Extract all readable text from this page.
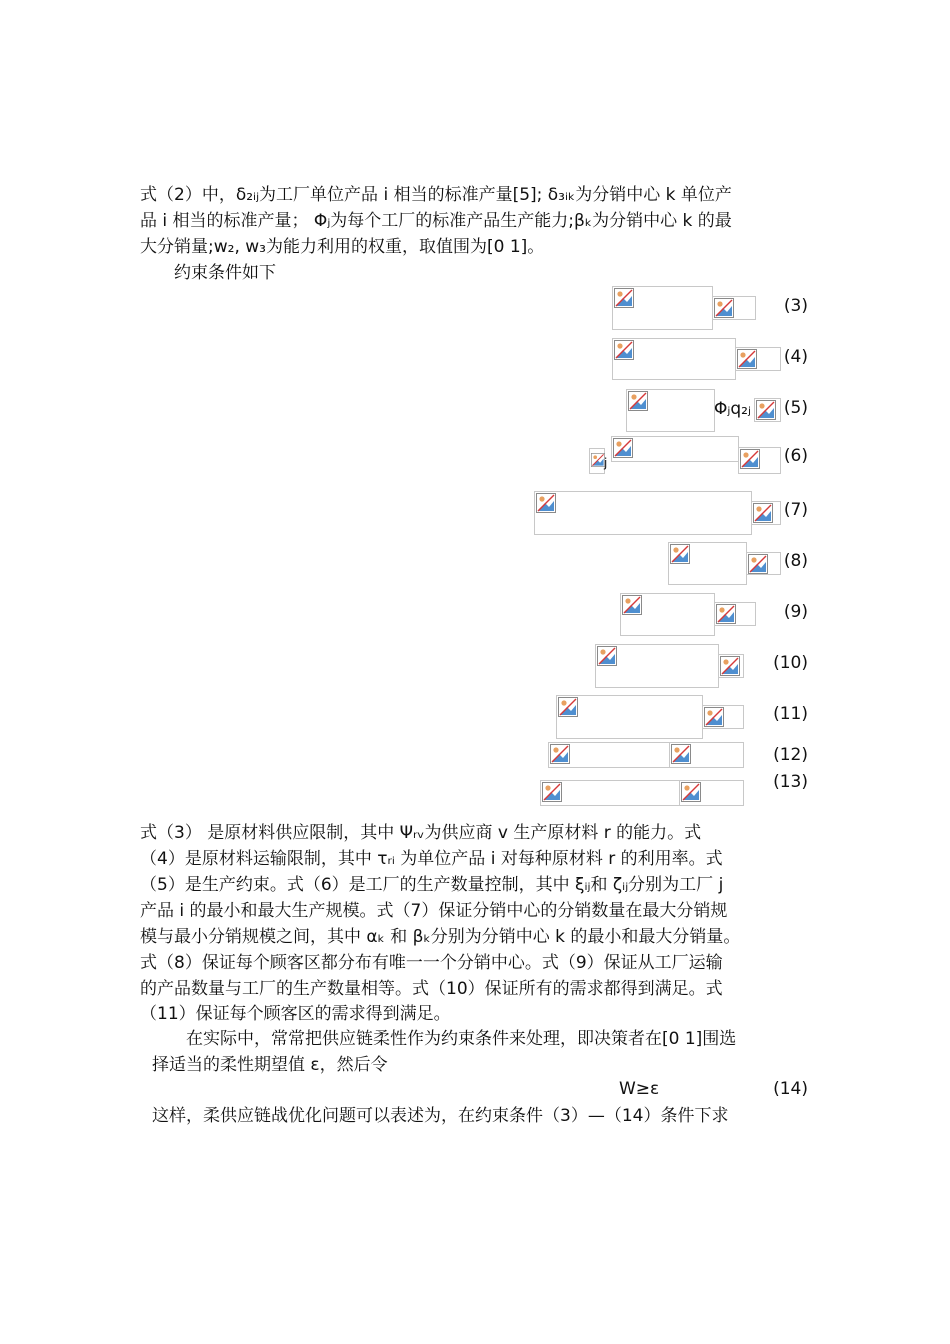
式（2）中，δ₂ᵢⱼ为工厂单位产品 i 相当的标准产量[5]; δ₃ᵢₖ为分销中心 k 单位产
品 i 相当的标准产量； Φⱼ为每个工厂的标准产品生产能力;βₖ为分销中心 k 的最
大分销量;w₂, w₃为能力利用的权重，取值围为[0 1]。
约束条件如下
(3)
(4)
Φⱼq₂ⱼ	(5)
j	(6)
(7)
(8)
(9)
(10)
(11)
(12)
(13)
式（3） 是原材料供应限制，其中 Ψᵣᵥ为供应商 v 生产原材料 r 的能力。式
（4）是原材料运输限制，其中 τᵣᵢ 为单位产品 i 对每种原材料 r 的利用率。式
（5）是生产约束。式（6）是工厂的生产数量控制，其中 ξᵢⱼ和 ζᵢⱼ分别为工厂 j
产品 i 的最小和最大生产规模。式（7）保证分销中心的分销数量在最大分销规
模与最小分销规模之间，其中 αₖ 和 βₖ分别为分销中心 k 的最小和最大分销量。
式（8）保证每个顾客区都分布有唯一一个分销中心。式（9）保证从工厂运输
的产品数量与工厂的生产数量相等。式（10）保证所有的需求都得到满足。式
（11）保证每个顾客区的需求得到满足。
在实际中，常常把供应链柔性作为约束条件来处理，即决策者在[0 1]围选
择适当的柔性期望值 ε，然后令
W≥ε	(14)
这样，柔供应链战优化问题可以表述为，在约束条件（3）—（14）条件下求
